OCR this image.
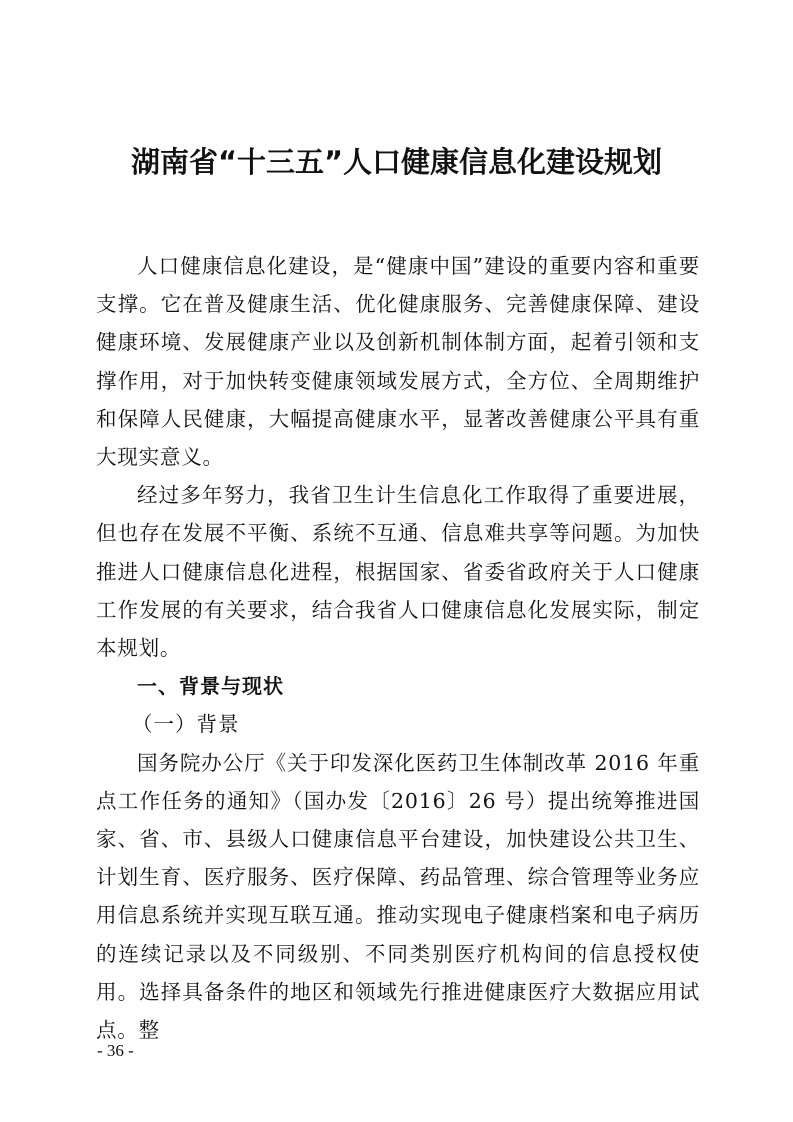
湖南省“十三五”人口健康信息化建设规划

人口健康信息化建设，是“健康中国”建设的重要内容和重要支撑。它在普及健康生活、优化健康服务、完善健康保障、建设健康环境、发展健康产业以及创新机制体制方面，起着引领和支撑作用，对于加快转变健康领域发展方式，全方位、全周期维护和保障人民健康，大幅提高健康水平，显著改善健康公平具有重大现实意义。

经过多年努力，我省卫生计生信息化工作取得了重要进展，但也存在发展不平衡、系统不互通、信息难共享等问题。为加快推进人口健康信息化进程，根据国家、省委省政府关于人口健康工作发展的有关要求，结合我省人口健康信息化发展实际，制定本规划。

一、背景与现状

（一）背景

国务院办公厅《关于印发深化医药卫生体制改革 2016 年重点工作任务的通知》（国办发〔2016〕26 号）提出统筹推进国家、省、市、县级人口健康信息平台建设，加快建设公共卫生、计划生育、医疗服务、医疗保障、药品管理、综合管理等业务应用信息系统并实现互联互通。推动实现电子健康档案和电子病历的连续记录以及不同级别、不同类别医疗机构间的信息授权使用。选择具备条件的地区和领域先行推进健康医疗大数据应用试点。整

- 36 -
